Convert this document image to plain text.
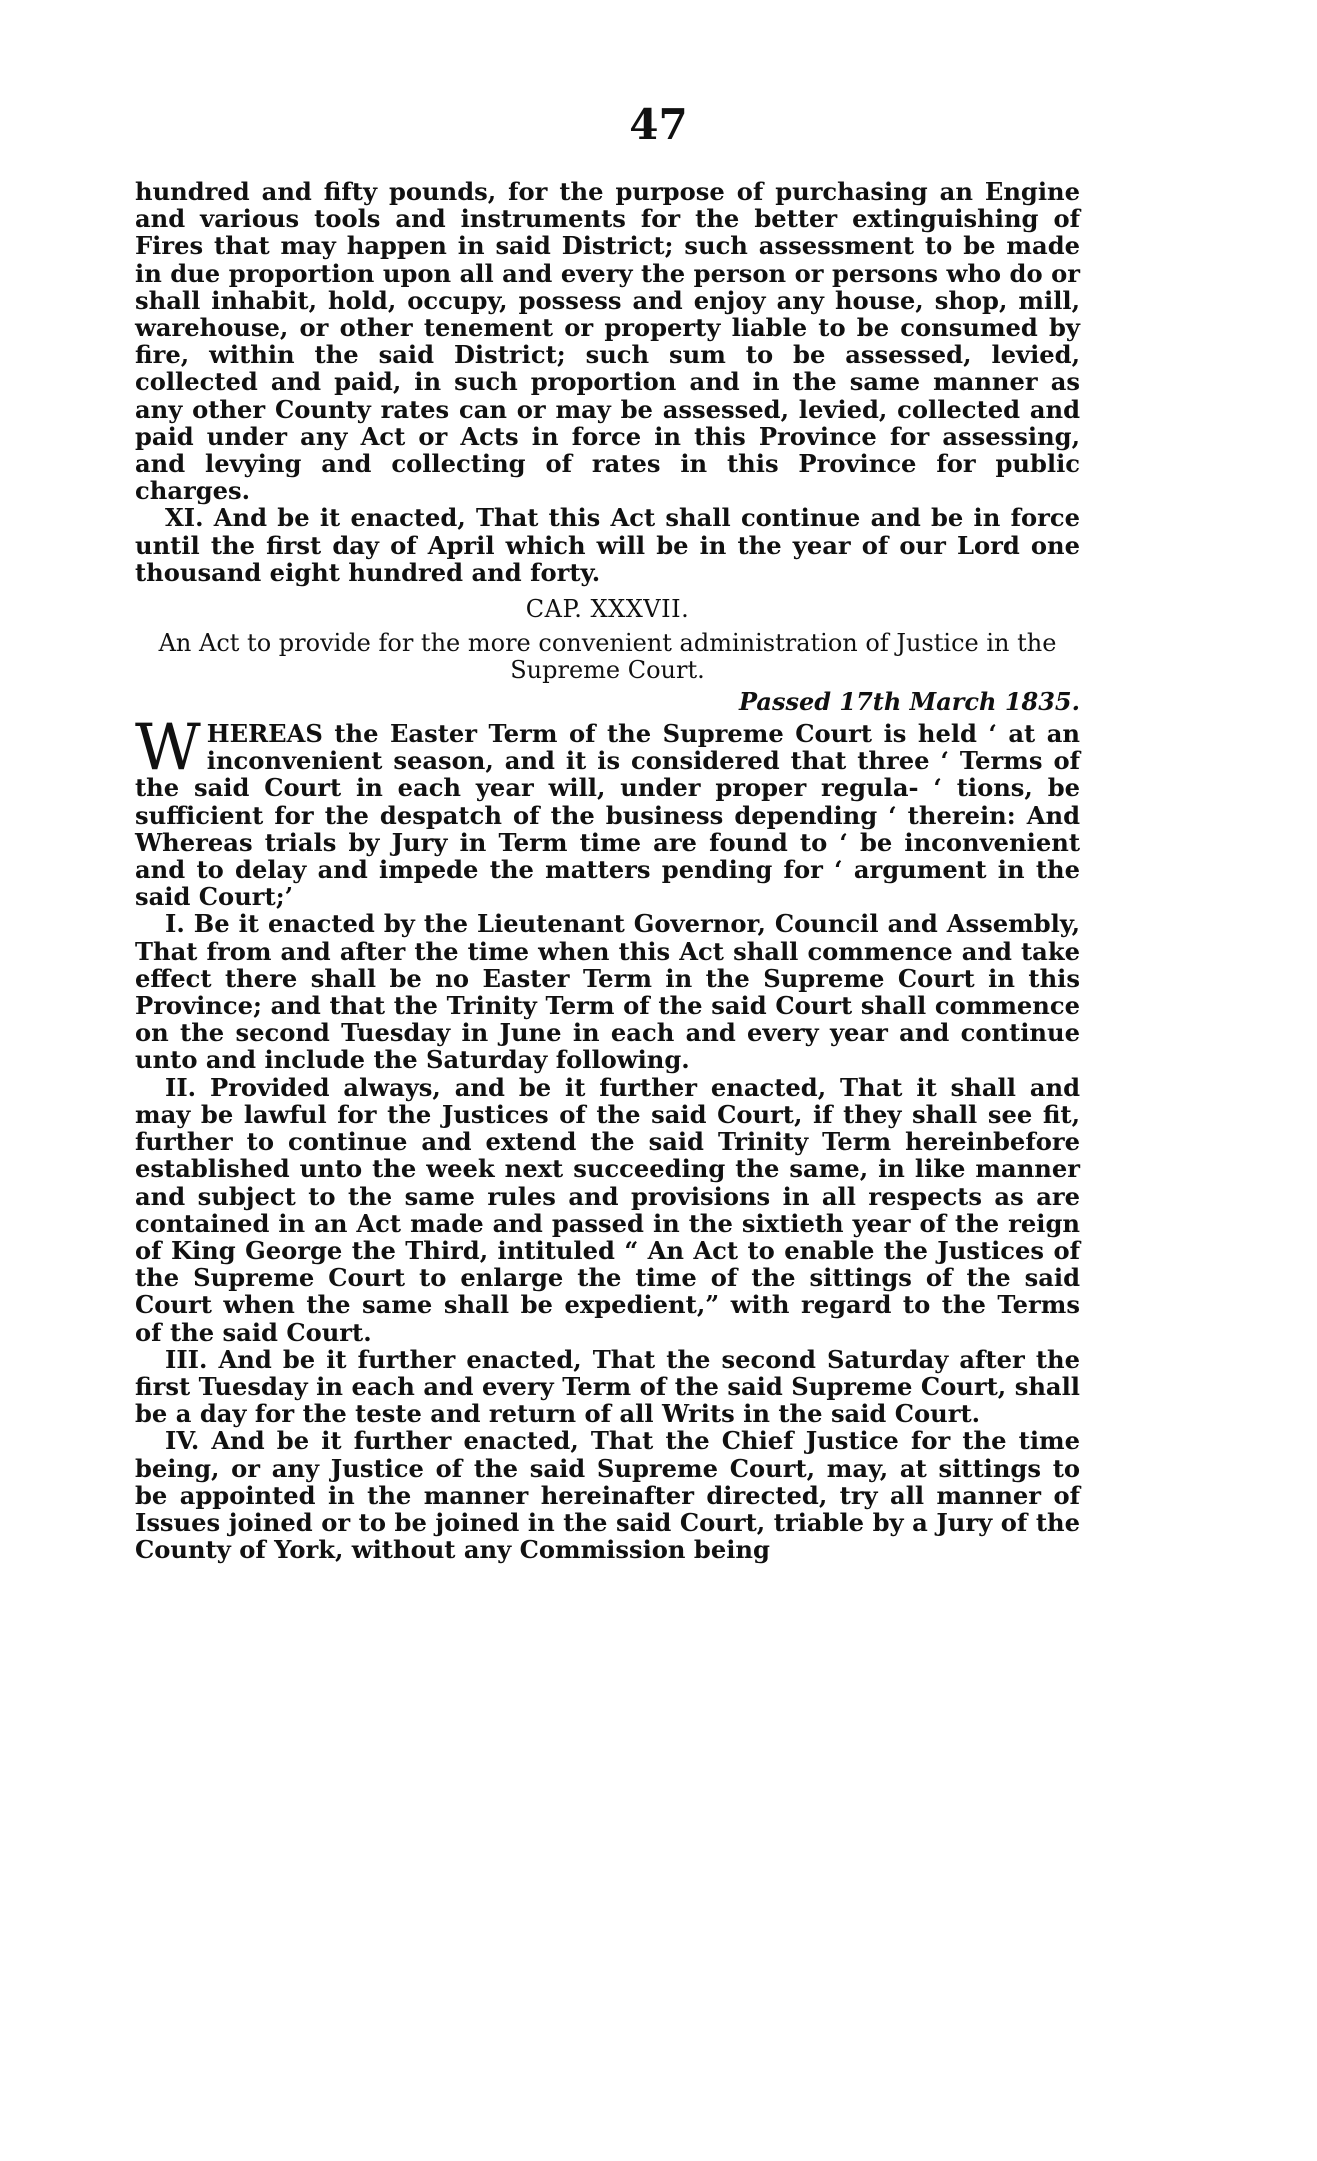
47

hundred and fifty pounds, for the purpose of purchasing an Engine and various tools and instruments for the better extinguishing of Fires that may happen in said District; such assessment to be made in due proportion upon all and every the person or persons who do or shall inhabit, hold, occupy, possess and enjoy any house, shop, mill, warehouse, or other tenement or property liable to be consumed by fire, within the said District; such sum to be assessed, levied, collected and paid, in such proportion and in the same manner as any other County rates can or may be assessed, levied, collected and paid under any Act or Acts in force in this Province for assessing, and levying and collecting of rates in this Province for public charges.

XI. And be it enacted, That this Act shall continue and be in force until the first day of April which will be in the year of our Lord one thousand eight hundred and forty.

CAP. XXXVII.
An Act to provide for the more convenient administration of Justice in the Supreme Court.
Passed 17th March 1835.

WHEREAS the Easter Term of the Supreme Court is held ‘ at an inconvenient season, and it is considered that three ‘ Terms of the said Court in each year will, under proper regula- ‘ tions, be sufficient for the despatch of the business depending ‘ therein: And Whereas trials by Jury in Term time are found to ‘ be inconvenient and to delay and impede the matters pending for ‘ argument in the said Court;’

I. Be it enacted by the Lieutenant Governor, Council and Assembly, That from and after the time when this Act shall commence and take effect there shall be no Easter Term in the Supreme Court in this Province; and that the Trinity Term of the said Court shall commence on the second Tuesday in June in each and every year and continue unto and include the Saturday following.

II. Provided always, and be it further enacted, That it shall and may be lawful for the Justices of the said Court, if they shall see fit, further to continue and extend the said Trinity Term hereinbefore established unto the week next succeeding the same, in like manner and subject to the same rules and provisions in all respects as are contained in an Act made and passed in the sixtieth year of the reign of King George the Third, intituled “ An Act to enable the Justices of the Supreme Court to enlarge the time of the sittings of the said Court when the same shall be expedient,” with regard to the Terms of the said Court.

III. And be it further enacted, That the second Saturday after the first Tuesday in each and every Term of the said Supreme Court, shall be a day for the teste and return of all Writs in the said Court.

IV. And be it further enacted, That the Chief Justice for the time being, or any Justice of the said Supreme Court, may, at sittings to be appointed in the manner hereinafter directed, try all manner of Issues joined or to be joined in the said Court, triable by a Jury of the County of York, without any Commission being
